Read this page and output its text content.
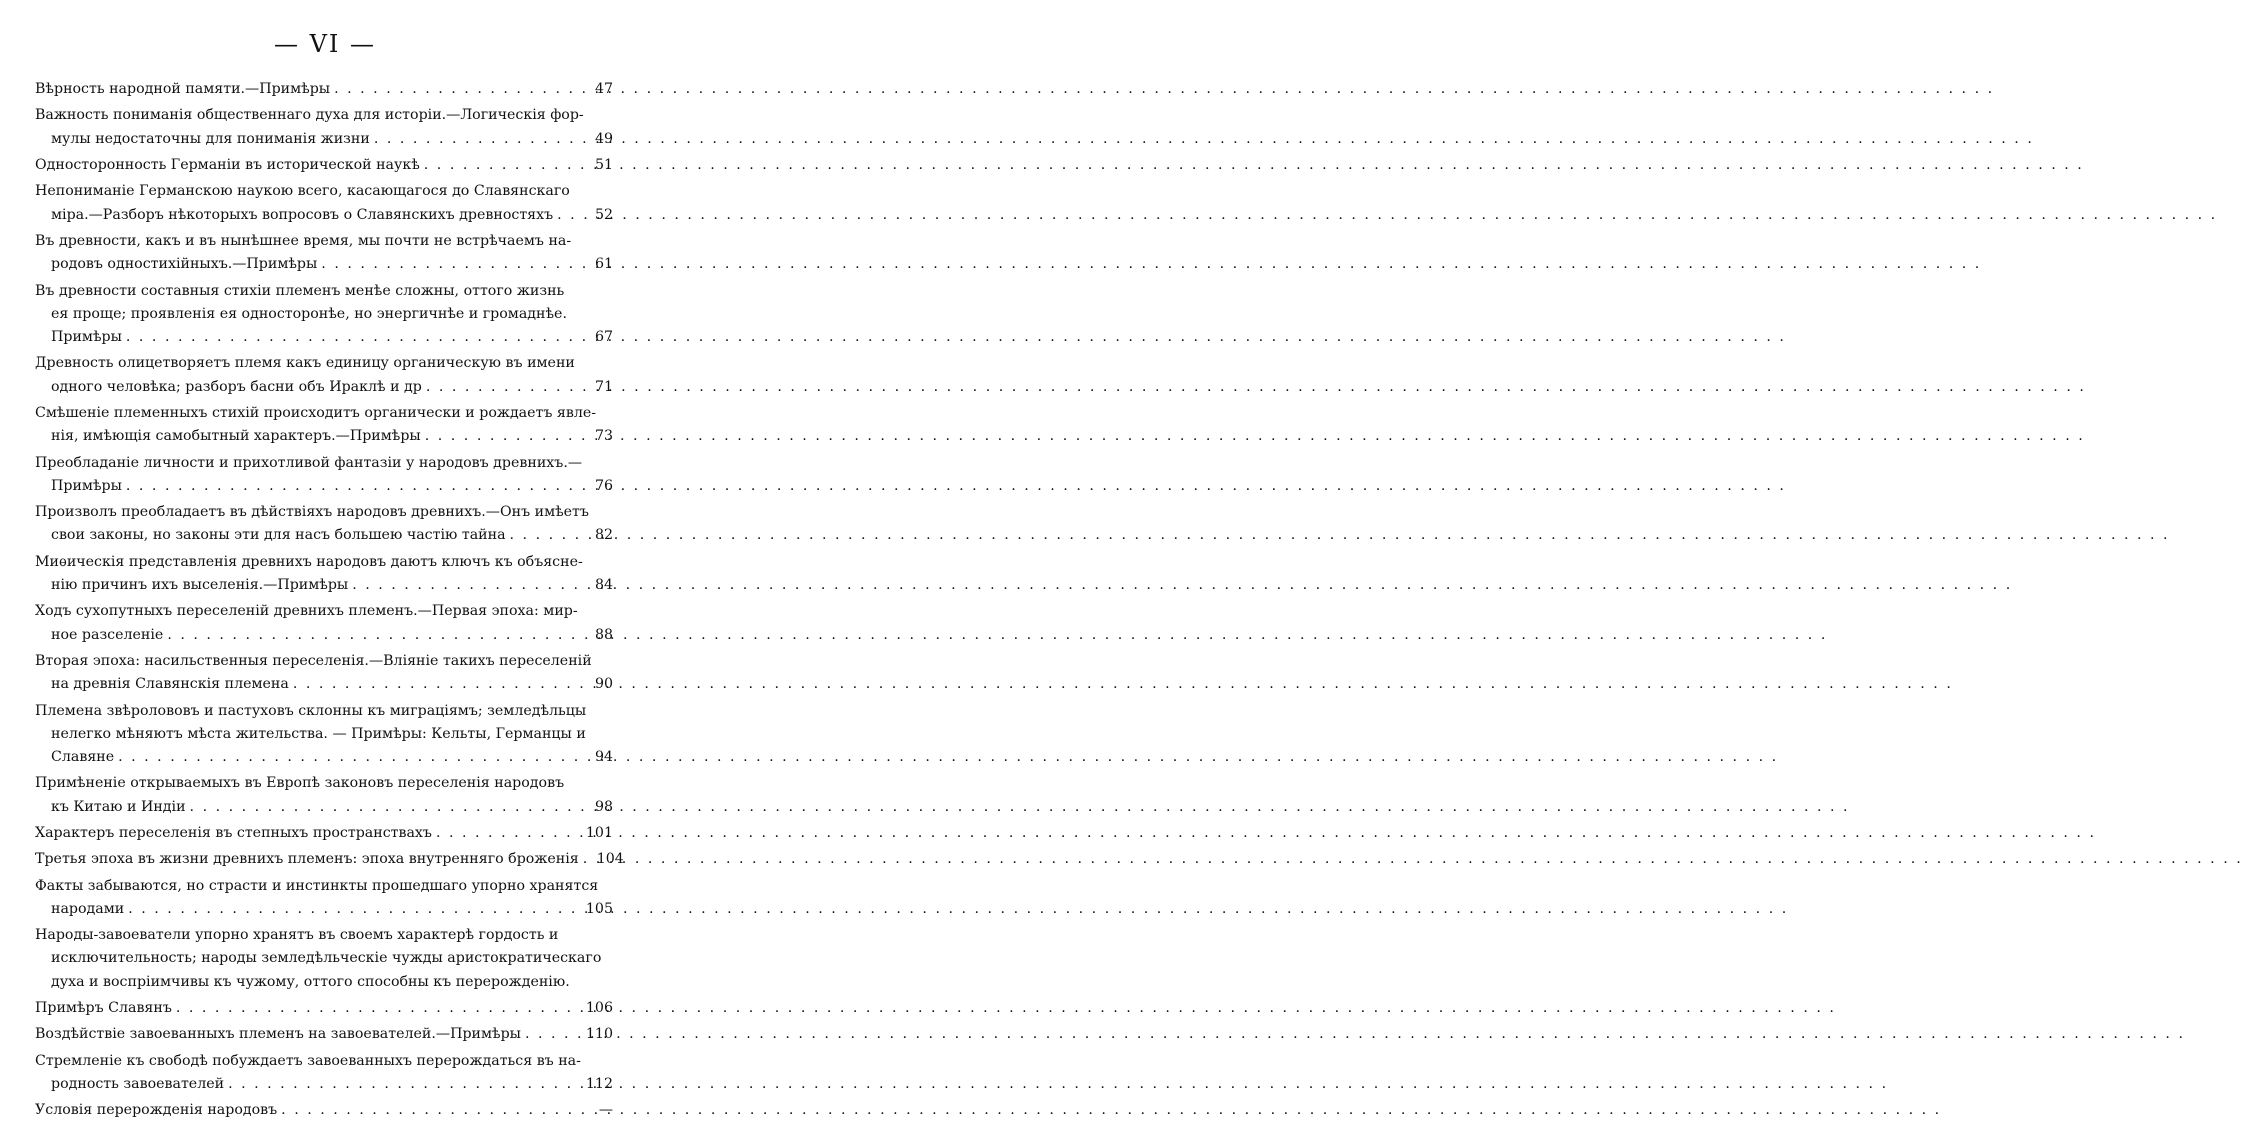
— VI —
Вѣрность народной памяти.—Примѣры . . .	47
Важность пониманія общественнаго духа для исторіи.—Логическія фор-
мулы недостаточны для пониманія жизни . . .	49
Односторонность Германіи въ исторической наукѣ . . .	51
Непониманіе Германскою наукою всего, касающагося до Славянскаго
міра.—Разборъ нѣкоторыхъ вопросовъ о Славянскихъ древностяхъ . . .	52
Въ древности, какъ и въ нынѣшнее время, мы почти не встрѣчаемъ на-
родовъ одностихійныхъ.—Примѣры . . .	61
Въ древности составныя стихіи племенъ менѣе сложны, оттого жизнь
ея проще; проявленія ея односторонѣе, но энергичнѣе и громаднѣе.
Примѣры . . .	67
Древность олицетворяетъ племя какъ единицу органическую въ имени
одного человѣка; разборъ басни объ Ираклѣ и др . . .	71
Смѣшеніе племенныхъ стихій происходитъ органически и рождаетъ явле-
нія, имѣющія самобытный характеръ.—Примѣры . . .	73
Преобладаніе личности и прихотливой фантазіи у народовъ древнихъ.—
Примѣры . . .	76
Произволъ преобладаетъ въ дѣйствіяхъ народовъ древнихъ.—Онъ имѣетъ
свои законы, но законы эти для насъ большею частію тайна . . .	82
Миѳическія представленія древнихъ народовъ даютъ ключъ къ объясне-
нію причинъ ихъ выселенія.—Примѣры . . .	84
Ходъ сухопутныхъ переселеній древнихъ племенъ.—Первая эпоха: мир-
ное разселеніе . . .	88
Вторая эпоха: насильственныя переселенія.—Вліяніе такихъ переселеній
на древнія Славянскія племена . . .	90
Племена звѣролововъ и пастуховъ склонны къ миграціямъ; земледѣльцы
нелегко мѣняютъ мѣста жительства. — Примѣры: Кельты, Германцы и
Славяне . . .	94
Примѣненіе открываемыхъ въ Европѣ законовъ переселенія народовъ
къ Китаю и Индіи . . .	98
Характеръ переселенія въ степныхъ пространствахъ . . .	101
Третья эпоха въ жизни древнихъ племенъ: эпоха внутренняго броженія . . . 104
Факты забываются, но страсти и инстинкты прошедшаго упорно хранятся
народами . . .	105
Народы-завоеватели упорно хранятъ въ своемъ характерѣ гордость и
исключительность; народы земледѣльческіе чужды аристократическаго
духа и воспріимчивы къ чужому, оттого способны къ перерожденію.
Примѣръ Славянъ . . .	106
Воздѣйствіе завоеванныхъ племенъ на завоевателей.—Примѣры . . .	110
Стремленіе къ свободѣ побуждаетъ завоеванныхъ перерождаться въ на-
родность завоевателей . . .	112
Условія перерожденія народовъ . . .	—
